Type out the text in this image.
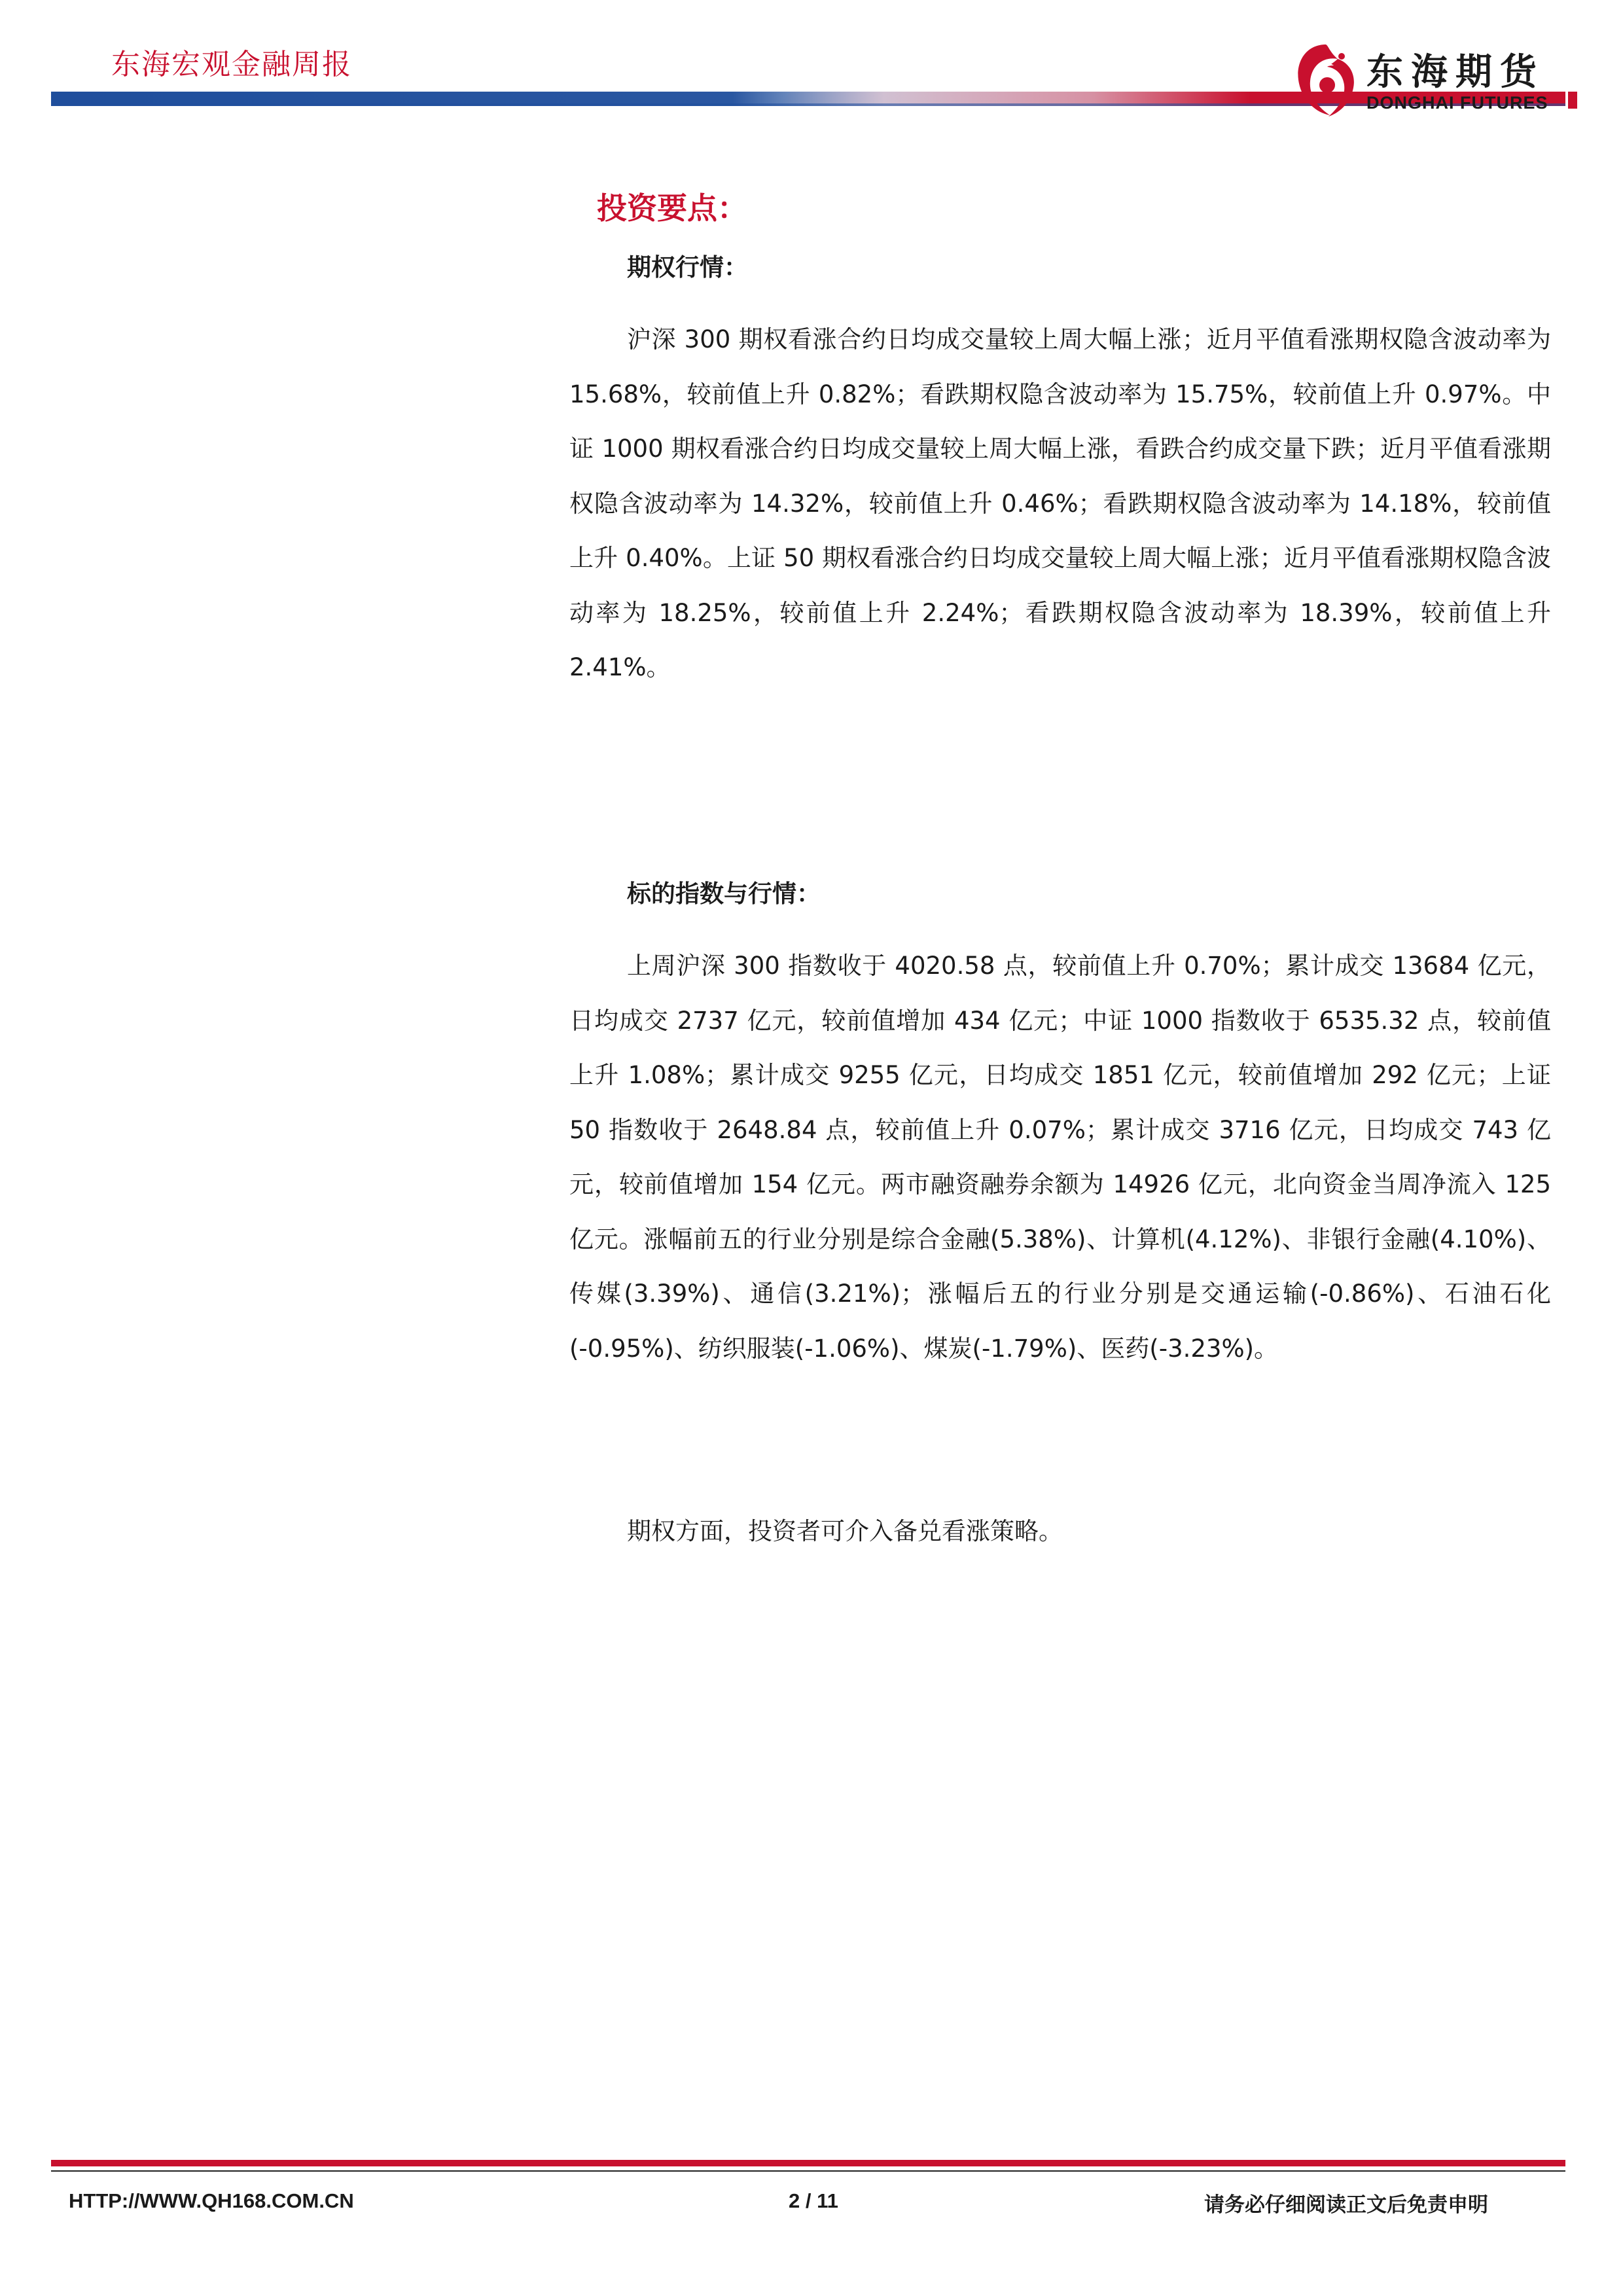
东海宏观金融周报	东海期货
DONGHAI FUTURES
投资要点：
期权行情：
沪深 300 期权看涨合约日均成交量较上周大幅上涨；近月平值看涨期权隐含波动率为 15.68%，较前值上升 0.82%；看跌期权隐含波动率为 15.75%，较前值上升 0.97%。中证 1000 期权看涨合约日均成交量较上周大幅上涨，看跌合约成交量下跌；近月平值看涨期权隐含波动率为 14.32%，较前值上升 0.46%；看跌期权隐含波动率为 14.18%，较前值上升 0.40%。上证 50 期权看涨合约日均成交量较上周大幅上涨；近月平值看涨期权隐含波动率为 18.25%，较前值上升 2.24%；看跌期权隐含波动率为 18.39%，较前值上升 2.41%。
标的指数与行情：
上周沪深 300 指数收于 4020.58 点，较前值上升 0.70%；累计成交 13684 亿元，日均成交 2737 亿元，较前值增加 434 亿元；中证 1000 指数收于 6535.32 点，较前值上升 1.08%；累计成交 9255 亿元，日均成交 1851 亿元，较前值增加 292 亿元；上证 50 指数收于 2648.84 点，较前值上升 0.07%；累计成交 3716 亿元，日均成交 743 亿元，较前值增加 154 亿元。两市融资融券余额为 14926 亿元，北向资金当周净流入 125 亿元。涨幅前五的行业分别是综合金融(5.38%)、计算机(4.12%)、非银行金融(4.10%)、传媒(3.39%)、通信(3.21%)；涨幅后五的行业分别是交通运输(-0.86%)、石油石化(-0.95%)、纺织服装(-1.06%)、煤炭(-1.79%)、医药(-3.23%)。
期权方面，投资者可介入备兑看涨策略。
HTTP://WWW.QH168.COM.CN	2 / 11	请务必仔细阅读正文后免责申明
